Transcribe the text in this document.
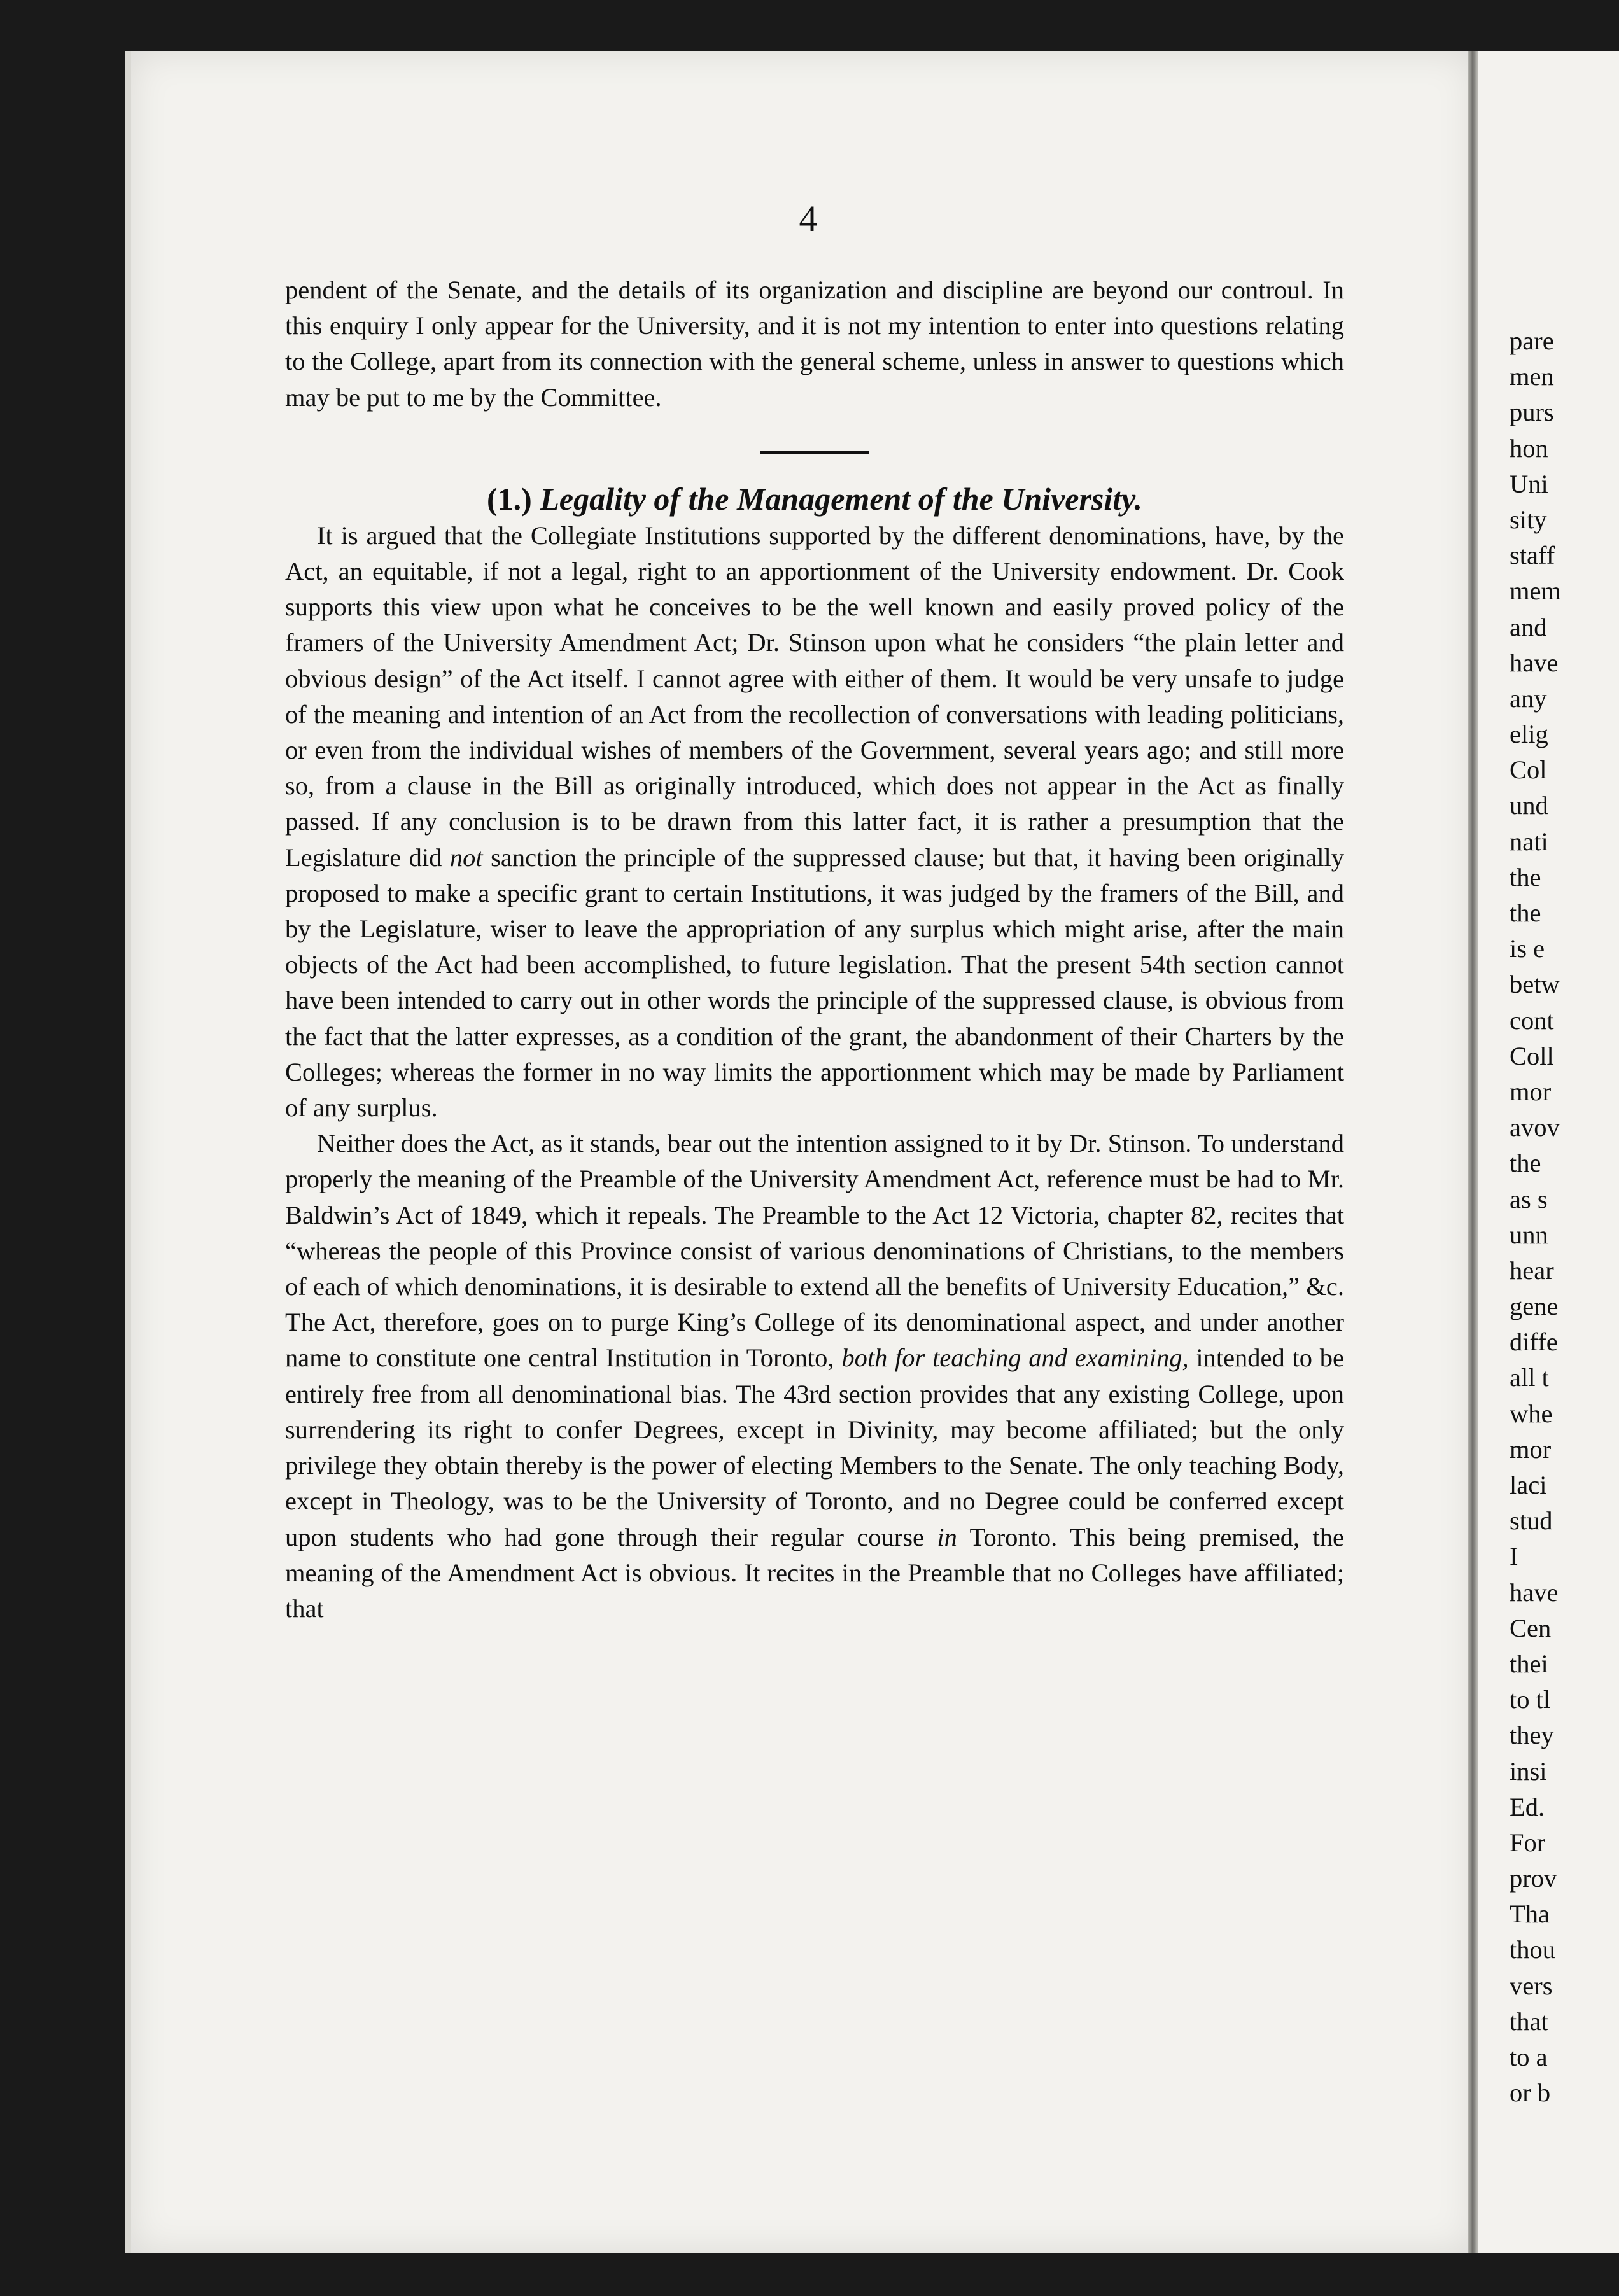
pare
men
purs
hon
Uni
sity
staff
mem
and
have
any
elig
Col
und
nati
the
the
is e
betw
cont
Coll
mor
avov
the
as s
unn
hear
gene
diffe
all t
whe
mor
laci
stud
I
have
Cen
thei
to tl
they
insi
Ed.
For
prov
Tha
thou
vers
that
to a
or b
4

pendent of the Senate, and the details of its organization and discipline are beyond our controul. In this enquiry I only appear for the University, and it is not my intention to enter into questions relating to the College, apart from its connection with the general scheme, unless in answer to questions which may be put to me by the Committee.

(1.) Legality of the Management of the University.

It is argued that the Collegiate Institutions supported by the different denominations, have, by the Act, an equitable, if not a legal, right to an apportionment of the University endowment. Dr. Cook supports this view upon what he conceives to be the well known and easily proved policy of the framers of the University Amendment Act; Dr. Stinson upon what he considers “the plain letter and obvious design” of the Act itself. I cannot agree with either of them. It would be very unsafe to judge of the meaning and intention of an Act from the recollection of conversations with leading politicians, or even from the individual wishes of members of the Government, several years ago; and still more so, from a clause in the Bill as originally introduced, which does not appear in the Act as finally passed. If any conclusion is to be drawn from this latter fact, it is rather a presumption that the Legislature did not sanction the principle of the suppressed clause; but that, it having been originally proposed to make a specific grant to certain Institutions, it was judged by the framers of the Bill, and by the Legislature, wiser to leave the appropriation of any surplus which might arise, after the main objects of the Act had been accomplished, to future legislation. That the present 54th section cannot have been intended to carry out in other words the principle of the suppressed clause, is obvious from the fact that the latter expresses, as a condition of the grant, the abandonment of their Charters by the Colleges; whereas the former in no way limits the apportionment which may be made by Parliament of any surplus.

Neither does the Act, as it stands, bear out the intention assigned to it by Dr. Stinson. To understand properly the meaning of the Preamble of the University Amendment Act, reference must be had to Mr. Baldwin’s Act of 1849, which it repeals. The Preamble to the Act 12 Victoria, chapter 82, recites that “whereas the people of this Province consist of various denominations of Christians, to the members of each of which denominations, it is desirable to extend all the benefits of University Education,” &c. The Act, therefore, goes on to purge King’s College of its denominational aspect, and under another name to constitute one central Institution in Toronto, both for teaching and examining, intended to be entirely free from all denominational bias. The 43rd section provides that any existing College, upon surrendering its right to confer Degrees, except in Divinity, may become affiliated; but the only privilege they obtain thereby is the power of electing Members to the Senate. The only teaching Body, except in Theology, was to be the University of Toronto, and no Degree could be conferred except upon students who had gone through their regular course in Toronto. This being premised, the meaning of the Amendment Act is obvious. It recites in the Preamble that no Colleges have affiliated; that
